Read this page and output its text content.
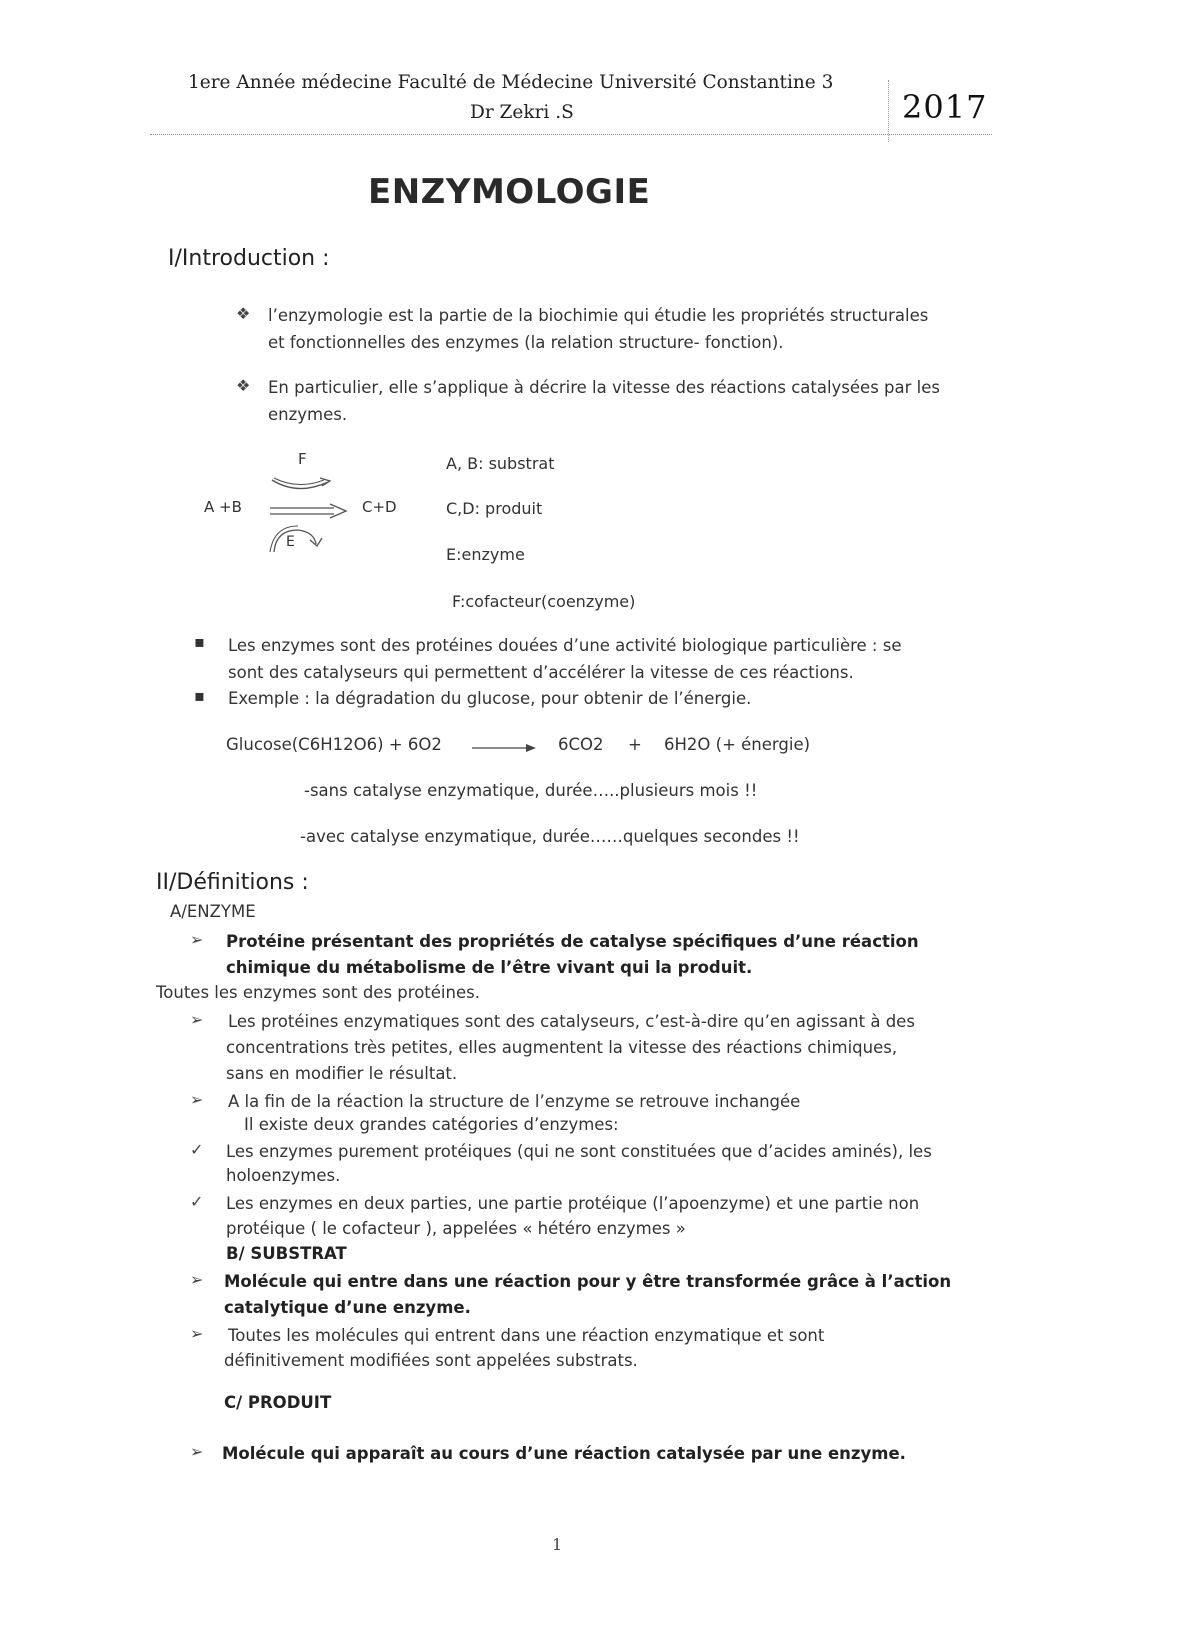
1ere Année médecine Faculté de Médecine Université Constantine 3
Dr Zekri .S	2017
ENZYMOLOGIE
I/Introduction :
❖ l’enzymologie est la partie de la biochimie qui étudie les propriétés structurales
et fonctionnelles des enzymes (la relation structure- fonction).
❖ En particulier, elle s’applique à décrire la vitesse des réactions catalysées par les
enzymes.
F
A +B	C+D
E
A, B: substrat
C,D: produit
E:enzyme
F:cofacteur(coenzyme)
▪ Les enzymes sont des protéines douées d’une activité biologique particulière : se
sont des catalyseurs qui permettent d’accélérer la vitesse de ces réactions.
▪ Exemple : la dégradation du glucose, pour obtenir de l’énergie.
Glucose(C6H12O6) + 6O2	6CO2 + 6H2O (+ énergie)
-sans catalyse enzymatique, durée…..plusieurs mois !!
-avec catalyse enzymatique, durée……quelques secondes !!
II/Définitions :
A/ENZYME
➢ Protéine présentant des propriétés de catalyse spécifiques d’une réaction
chimique du métabolisme de l’être vivant qui la produit.
Toutes les enzymes sont des protéines.
➢ Les protéines enzymatiques sont des catalyseurs, c’est-à-dire qu’en agissant à des
concentrations très petites, elles augmentent la vitesse des réactions chimiques,
sans en modifier le résultat.
➢ A la fin de la réaction la structure de l’enzyme se retrouve inchangée
Il existe deux grandes catégories d’enzymes:
✓ Les enzymes purement protéiques (qui ne sont constituées que d’acides aminés), les
holoenzymes.
✓ Les enzymes en deux parties, une partie protéique (l’apoenzyme) et une partie non
protéique ( le cofacteur ), appelées « hétéro enzymes »
B/ SUBSTRAT
➢ Molécule qui entre dans une réaction pour y être transformée grâce à l’action
catalytique d’une enzyme.
➢ Toutes les molécules qui entrent dans une réaction enzymatique et sont
définitivement modifiées sont appelées substrats.
C/ PRODUIT
➢ Molécule qui apparaît au cours d’une réaction catalysée par une enzyme.
1
